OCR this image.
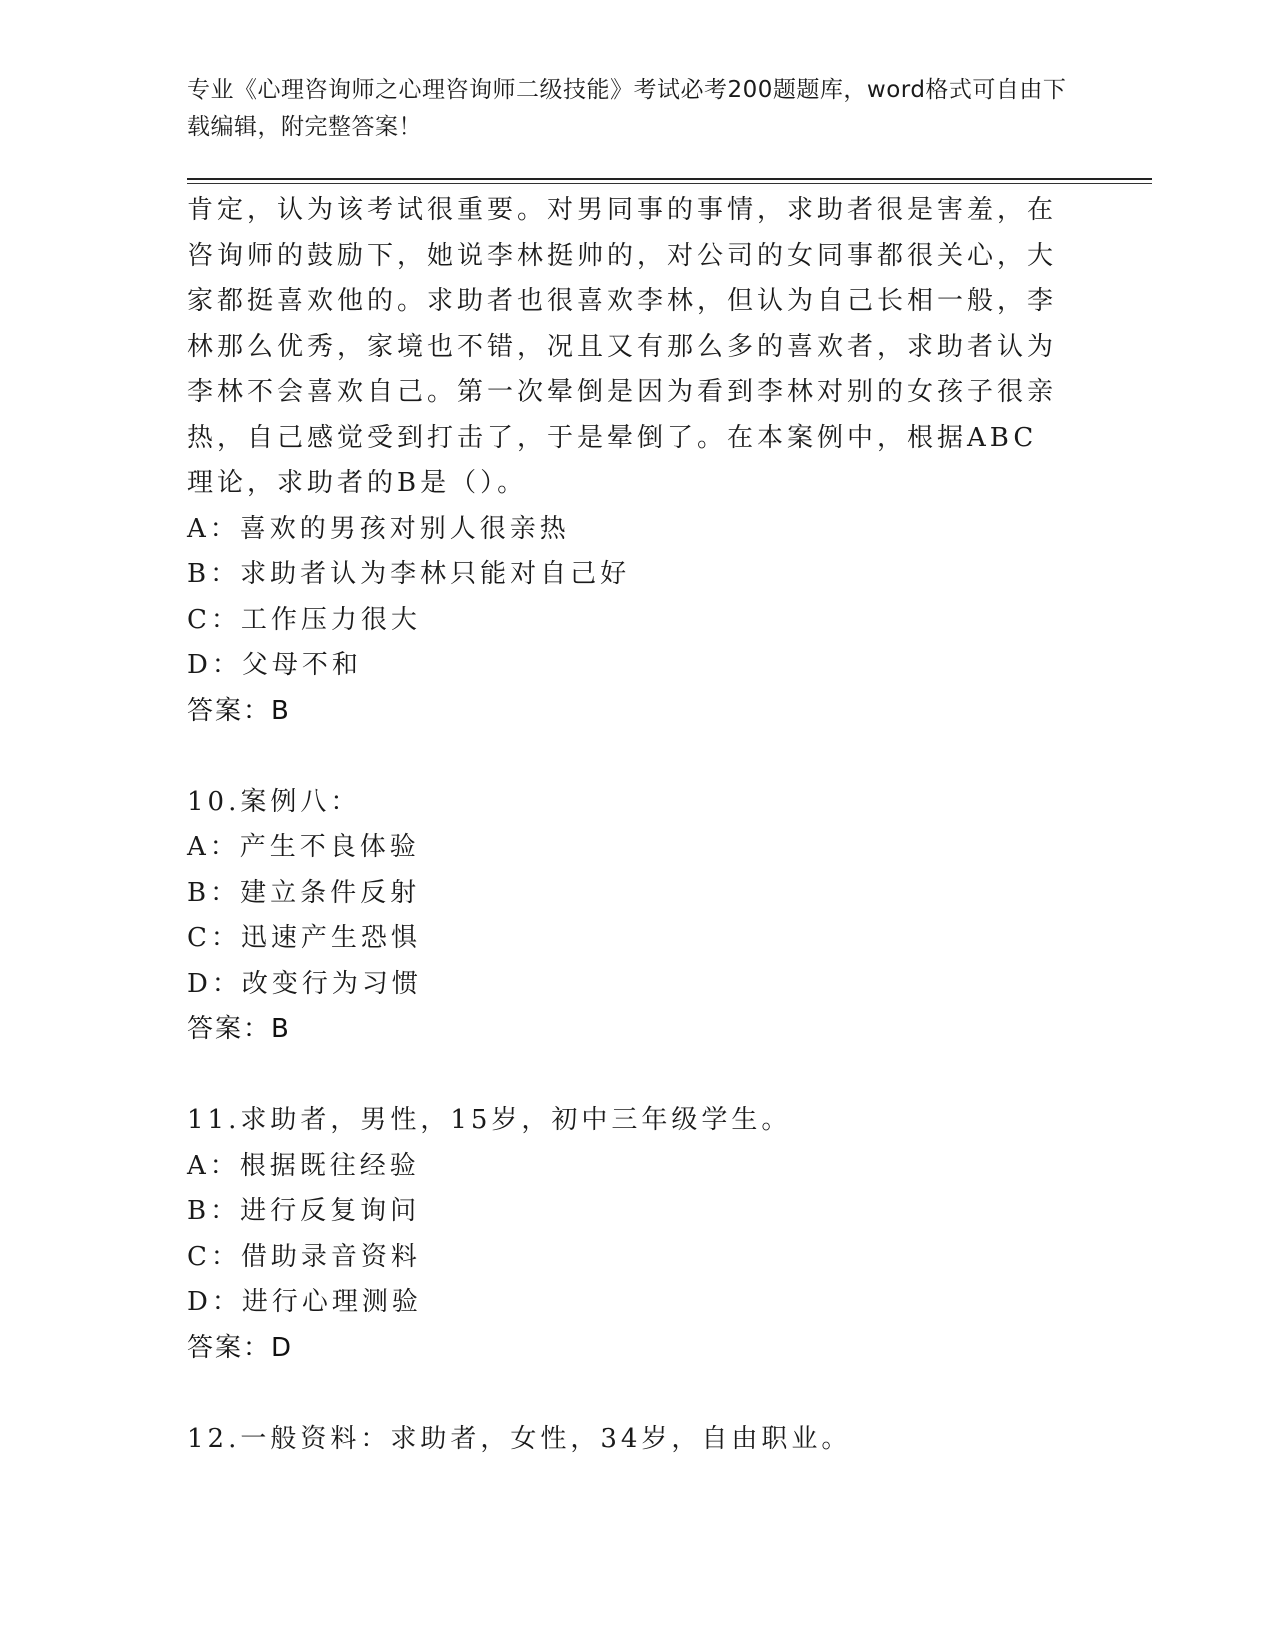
专业《心理咨询师之心理咨询师二级技能》考试必考200题题库，word格式可自由下载编辑，附完整答案！

肯定，认为该考试很重要。对男同事的事情，求助者很是害羞，在咨询师的鼓励下，她说李林挺帅的，对公司的女同事都很关心，大家都挺喜欢他的。求助者也很喜欢李林，但认为自己长相一般，李林那么优秀，家境也不错，况且又有那么多的喜欢者，求助者认为李林不会喜欢自己。第一次晕倒是因为看到李林对别的女孩子很亲热，自己感觉受到打击了，于是晕倒了。在本案例中，根据ABC理论，求助者的B是（）。

A：喜欢的男孩对别人很亲热
B：求助者认为李林只能对自己好
C：工作压力很大
D：父母不和
答案：B
10.案例八：
A：产生不良体验
B：建立条件反射
C：迅速产生恐惧
D：改变行为习惯
答案：B
11.求助者，男性，15岁，初中三年级学生。
A：根据既往经验
B：进行反复询问
C：借助录音资料
D：进行心理测验
答案：D
12.一般资料：求助者，女性，34岁，自由职业。
